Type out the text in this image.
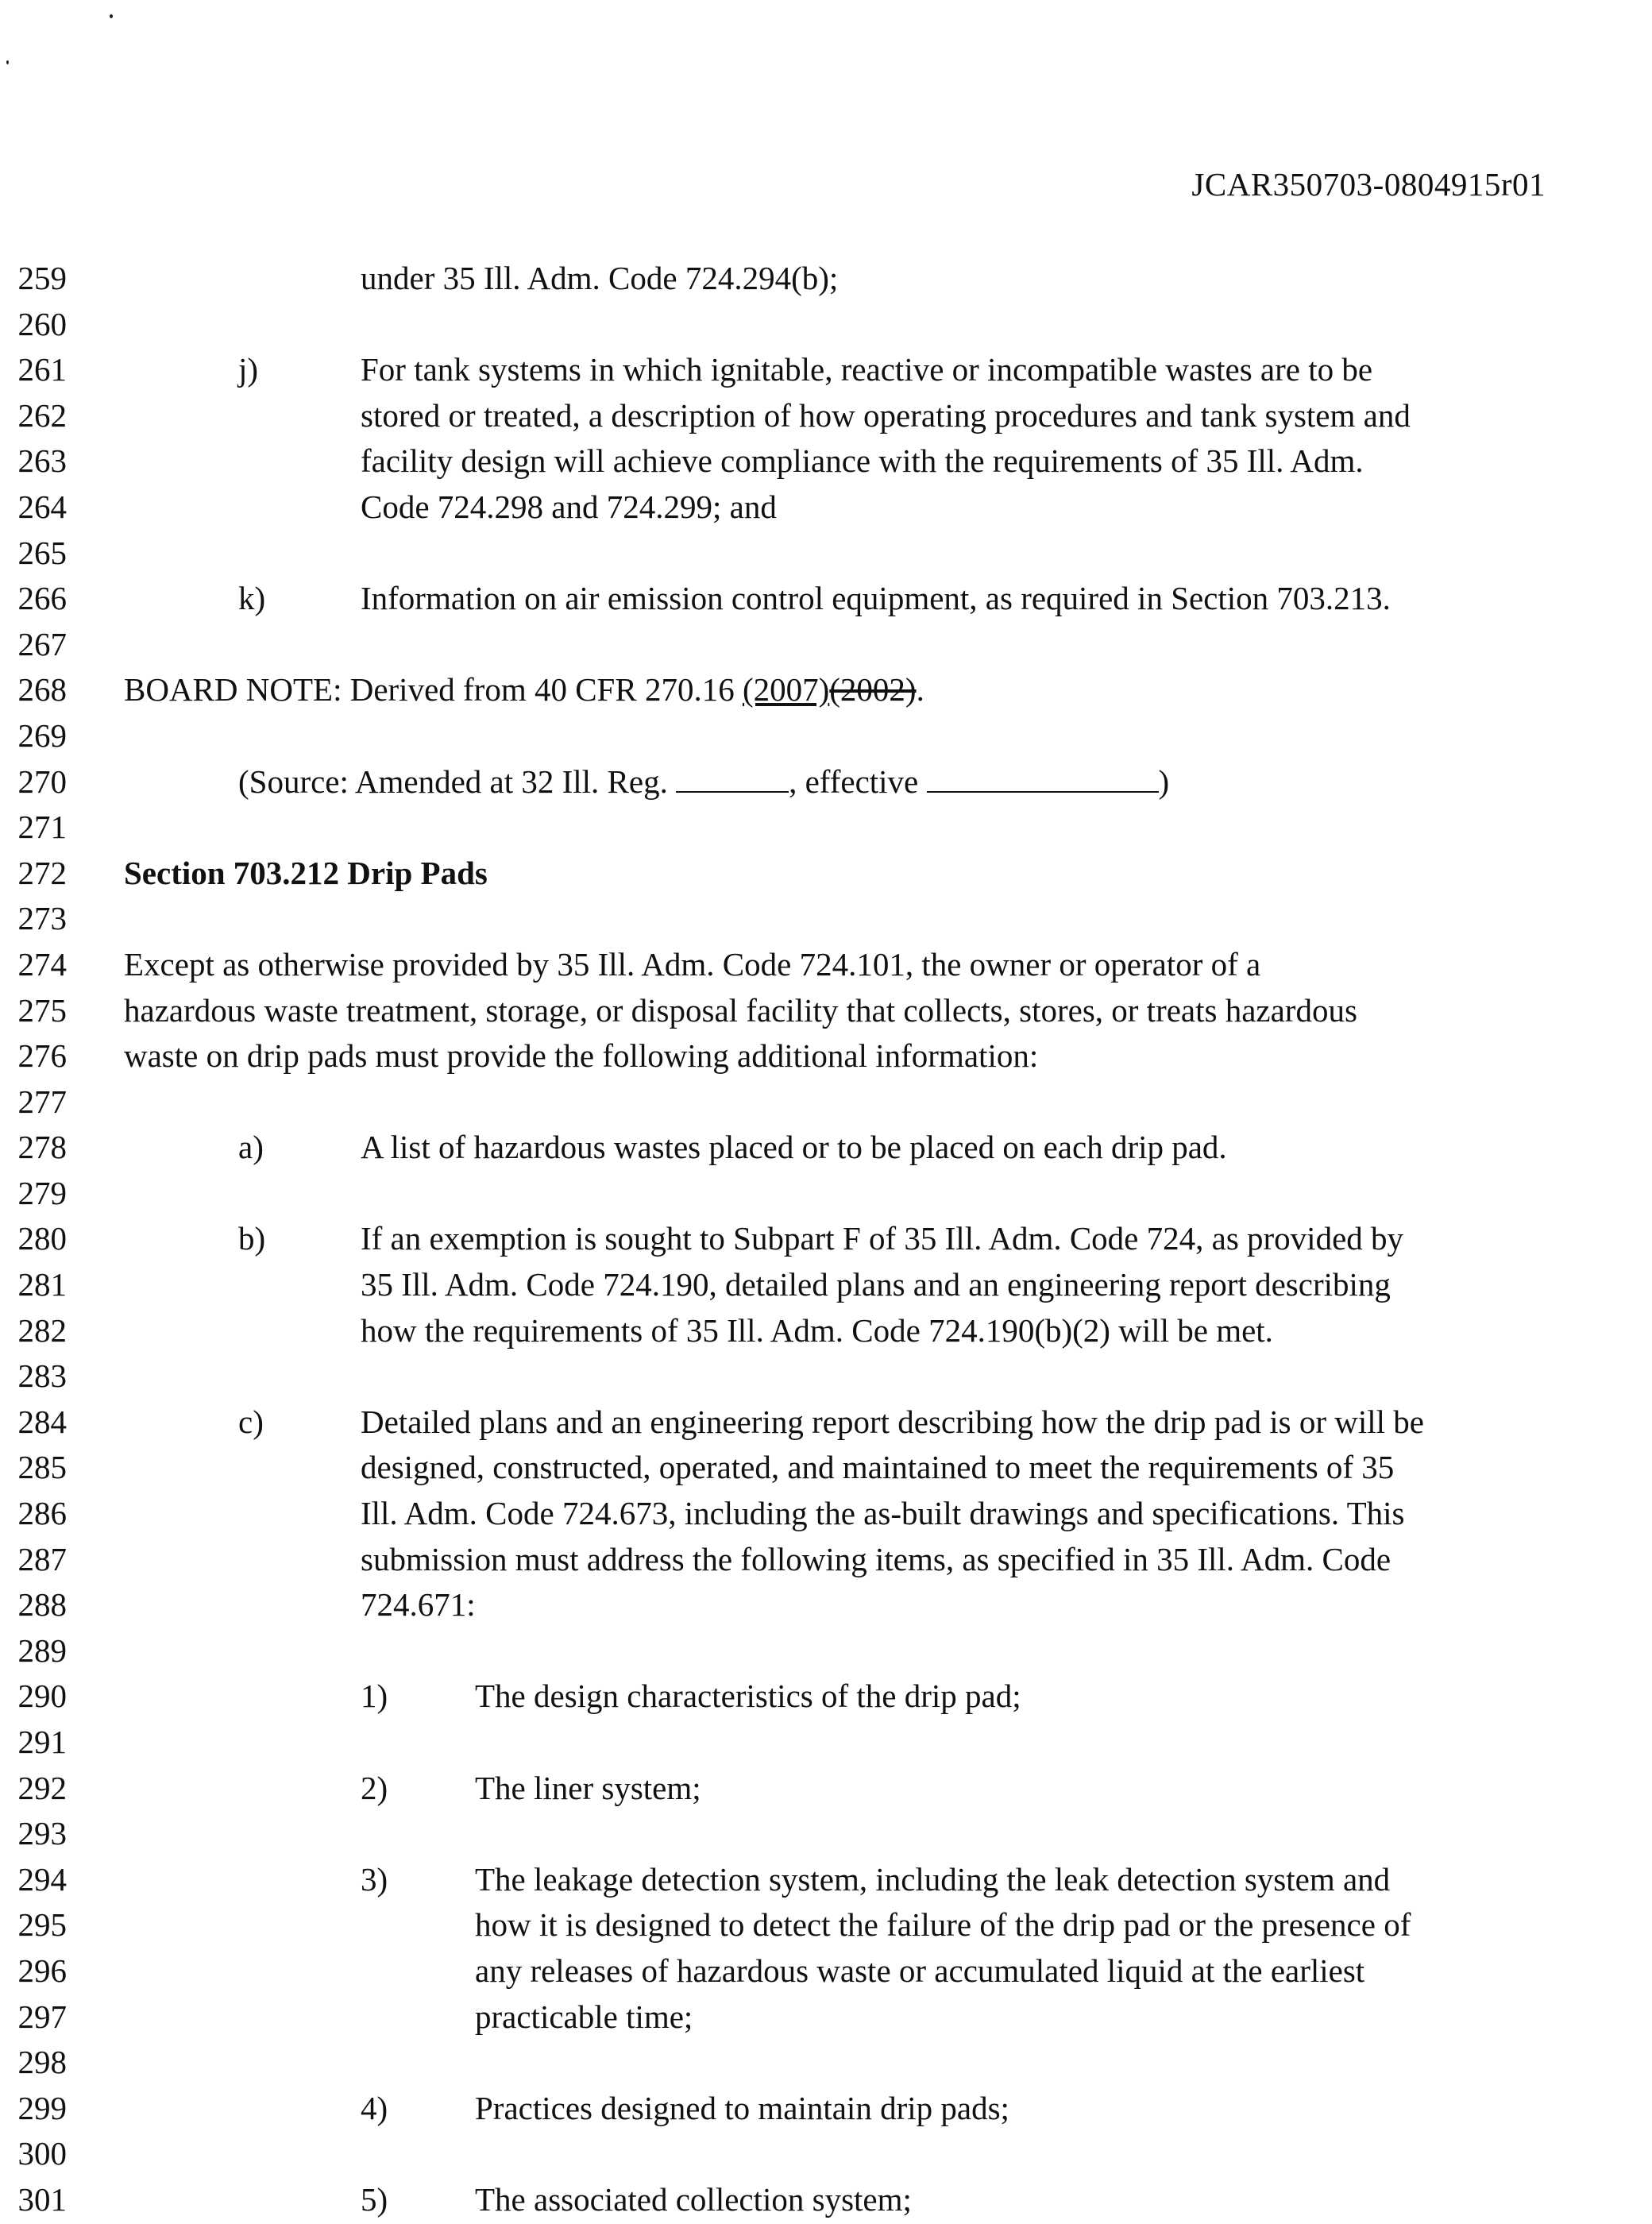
JCAR350703-0804915r01
259	under 35 Ill. Adm. Code 724.294(b);
260
261	j)	For tank systems in which ignitable, reactive or incompatible wastes are to be
262	stored or treated, a description of how operating procedures and tank system and
263	facility design will achieve compliance with the requirements of 35 Ill. Adm.
264	Code 724.298 and 724.299; and
265
266	k)	Information on air emission control equipment, as required in Section 703.213.
267
268 BOARD NOTE: Derived from 40 CFR 270.16 (2007)(2002).
269
270	(Source: Amended at 32 Ill. Reg.	, effective	)
271
272 Section 703.212 Drip Pads
273
274 Except as otherwise provided by 35 Ill. Adm. Code 724.101, the owner or operator of a
275 hazardous waste treatment, storage, or disposal facility that collects, stores, or treats hazardous
276 waste on drip pads must provide the following additional information:
277
278	a)	A list of hazardous wastes placed or to be placed on each drip pad.
279
280	b)	If an exemption is sought to Subpart F of 35 Ill. Adm. Code 724, as provided by
281	35 Ill. Adm. Code 724.190, detailed plans and an engineering report describing
282	how the requirements of 35 Ill. Adm. Code 724.190(b)(2) will be met.
283
284	c)	Detailed plans and an engineering report describing how the drip pad is or will be
285	designed, constructed, operated, and maintained to meet the requirements of 35
286	Ill. Adm. Code 724.673, including the as-built drawings and specifications. This
287	submission must address the following items, as specified in 35 Ill. Adm. Code
288	724.671:
289
290	1)	The design characteristics of the drip pad;
291
292	2)	The liner system;
293
294	3)	The leakage detection system, including the leak detection system and
295	how it is designed to detect the failure of the drip pad or the presence of
296	any releases of hazardous waste or accumulated liquid at the earliest
297	practicable time;
298
299	4)	Practices designed to maintain drip pads;
300
301	5)	The associated collection system;
